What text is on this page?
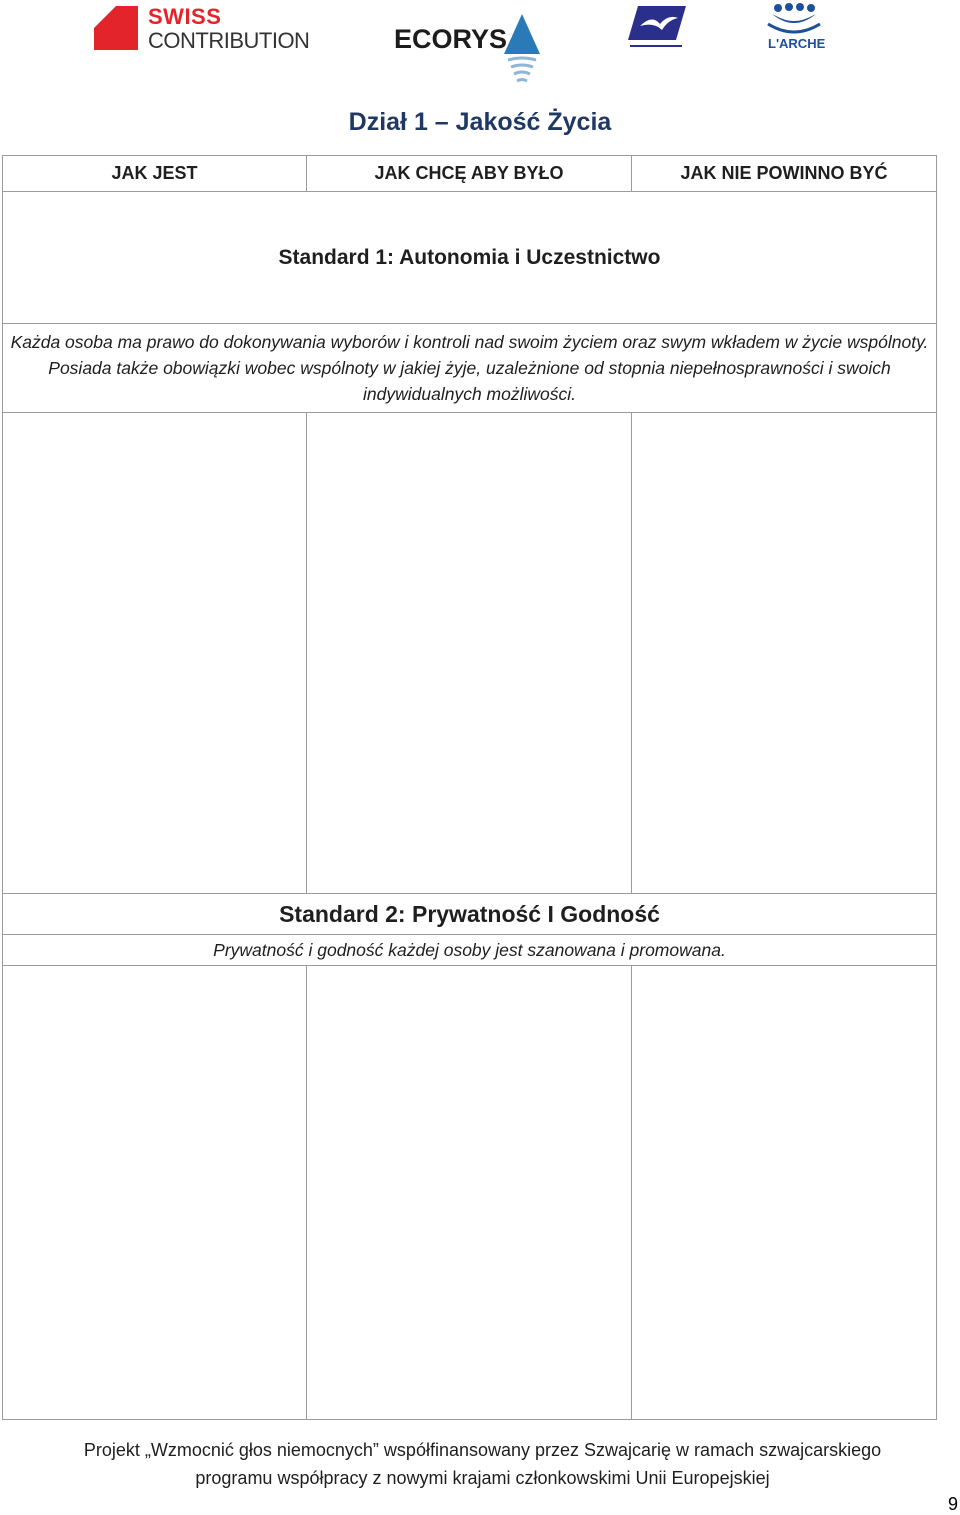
SWISS
CONTRIBUTION	ECORYS	L'ARCHE
Dział 1 – Jakość Życia
JAK JEST	JAK CHCĘ ABY BYŁO	JAK NIE POWINNO BYĆ
Standard 1: Autonomia i Uczestnictwo		
Każda osoba ma prawo do dokonywania wyborów i kontroli nad swoim życiem oraz swym wkładem w życie wspólnoty. Posiada także obowiązki wobec wspólnoty w jakiej żyje, uzależnione od stopnia niepełnosprawności i swoich indywidualnych możliwości.		

Standard 2: Prywatność I Godność		
Prywatność i godność każdej osoby jest szanowana i promowana.		

Projekt „Wzmocnić głos niemocnych” współfinansowany przez Szwajcarię w ramach szwajcarskiego
programu współpracy z nowymi krajami członkowskimi Unii Europejskiej
9
